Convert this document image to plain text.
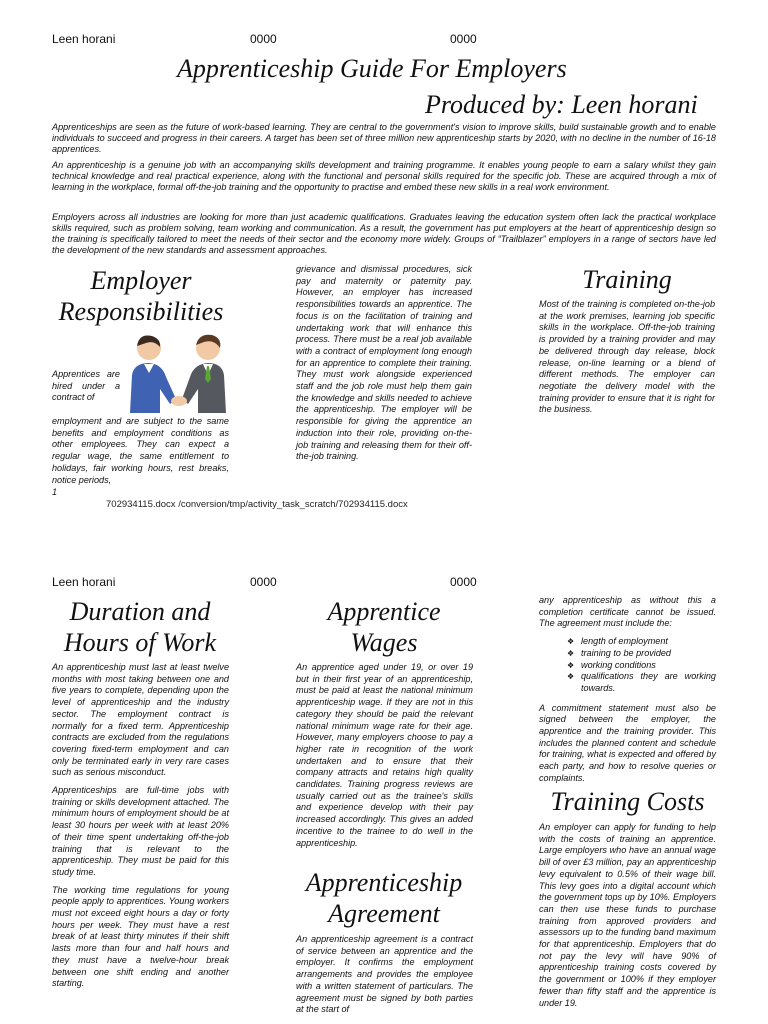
Leen horani	0000	0000
Apprenticeship Guide For Employers
Produced by: Leen horani

Apprenticeships are seen as the future of work-based learning. They are central to the government's vision to improve skills, build sustainable growth and to enable individuals to succeed and progress in their careers. A target has been set of three million new apprenticeship starts by 2020, with no decline in the number of 16-18 apprentices.

An apprenticeship is a genuine job with an accompanying skills development and training programme. It enables young people to earn a salary whilst they gain technical knowledge and real practical experience, along with the functional and personal skills required for the specific job. These are acquired through a mix of learning in the workplace, formal off-the-job training and the opportunity to practise and embed these new skills in a real work environment.

Employers across all industries are looking for more than just academic qualifications. Graduates leaving the education system often lack the practical workplace skills required, such as problem solving, team working and communication. As a result, the government has put employers at the heart of apprenticeship design so the training is specifically tailored to meet the needs of their sector and the economy more widely. Groups of “Trailblazer” employers in a range of sectors have led the development of the new standards and assessment approaches.

Employer Responsibilities
Apprentices are hired under a contract of
employment and are subject to the same benefits and employment conditions as other employees. They can expect a regular wage, the same entitlement to holidays, fair working hours, rest breaks, notice periods,
1
grievance and dismissal procedures, sick pay and maternity or paternity pay. However, an employer has increased responsibilities towards an apprentice. The focus is on the facilitation of training and undertaking work that will enhance this process. There must be a real job available with a contract of employment long enough for an apprentice to complete their training. They must work alongside experienced staff and the job role must help them gain the knowledge and skills needed to achieve the apprenticeship. The employer will be responsible for giving the apprentice an induction into their role, providing on-the-job training and releasing them for their off-the-job training.
Training
Most of the training is completed on-the-job at the work premises, learning job specific skills in the workplace. Off-the-job training is provided by a training provider and may be delivered through day release, block release, on-line learning or a blend of different methods. The employer can negotiate the delivery model with the training provider to ensure that it is right for the business.
702934115.docx /conversion/tmp/activity_task_scratch/702934115.docx
Leen horani	0000	0000
Duration and Hours of Work

An apprenticeship must last at least twelve months with most taking between one and five years to complete, depending upon the level of apprenticeship and the industry sector. The employment contract is normally for a fixed term. Apprenticeship contracts are excluded from the regulations covering fixed-term employment and can only be terminated early in very rare cases such as serious misconduct.

Apprenticeships are full-time jobs with training or skills development attached. The minimum hours of employment should be at least 30 hours per week with at least 20% of their time spent undertaking off-the-job training that is relevant to the apprenticeship. They must be paid for this study time.

The working time regulations for young people apply to apprentices. Young workers must not exceed eight hours a day or forty hours per week. They must have a rest break of at least thirty minutes if their shift lasts more than four and half hours and they must have a twelve-hour break between one shift ending and another starting.

Apprentice Wages
An apprentice aged under 19, or over 19 but in their first year of an apprenticeship, must be paid at least the national minimum apprenticeship wage. If they are not in this category they should be paid the relevant national minimum wage rate for their age. However, many employers choose to pay a higher rate in recognition of the work undertaken and to ensure that their company attracts and retains high quality candidates. Training progress reviews are usually carried out as the trainee's skills and experience develop with their pay increased accordingly. This gives an added incentive to the trainee to do well in the apprenticeship.
Apprenticeship Agreement
An apprenticeship agreement is a contract of service between an apprentice and the employer. It confirms the employment arrangements and provides the employee with a written statement of particulars. The agreement must be signed by both parties at the start of

any apprenticeship as without this a completion certificate cannot be issued. The agreement must include the:

❖ length of employment
❖ training to be provided
❖ working conditions
❖ qualifications they are working towards.

A commitment statement must also be signed between the employer, the apprentice and the training provider. This includes the planned content and schedule for training, what is expected and offered by each party, and how to resolve queries or complaints.

Training Costs
An employer can apply for funding to help with the costs of training an apprentice. Large employers who have an annual wage bill of over £3 million, pay an apprenticeship levy equivalent to 0.5% of their wage bill. This levy goes into a digital account which the government tops up by 10%. Employers can then use these funds to purchase training from approved providers and assessors up to the funding band maximum for that apprenticeship. Employers that do not pay the levy will have 90% of apprenticeship training costs covered by the government or 100% if they employer fewer than fifty staff and the apprentice is under 19.
